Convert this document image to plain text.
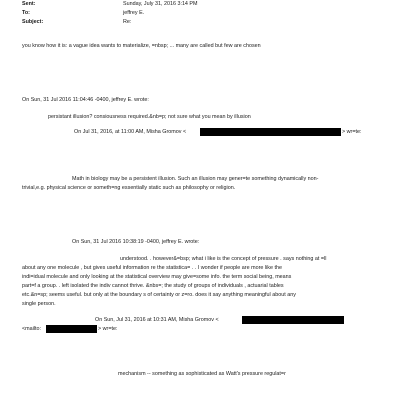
Sent:	Sunday, July 31, 2016 3:14 PM
To:	jeffrey E.
Subject:	Re:
you know how it is: a vague idea wants to materialize, =nbsp; ... many are called but few are chosen
On Sun, 31 Jul 2016 11:04:46 -0400, jeffrey E. wrote:
persistant illusion? consiousness required.&nb=p; not sure what you mean by illusion
On Jul 31, 2016, at 11:00 AM, Misha Gromov <	> wr=te:
Math in biology may be a persistent illusion. Such an illusion may gener=te something dynamically non-
trivial,e.g. physical science or someth=ng essentially static such as philosophy or religion.
On Sun, 31 Jul 2016 10:38:19 -0400, jeffrey E. wrote:
understood. . however&=bsp; what i like is the concept of pressure . says nothing at =ll
about any one molecule , but gives useful information re the statistica= . . I wonder if people are more like the
indi=idual molecule and only looking at the statistical overview may give=some info. the term social being, means
part=f a group. . left isolated the indiv cannot thrive. &nbs=; the study of groups of individuals , actuarial tables
etc.&n=sp; seems useful. but only at the boundary s of certainty or z=ro. does it say anything meaningful about any
single person.
On Sun, Jul 31, 2016 at 10:31 AM, Misha Gromov <
<mailto:	> wr=te:
mechanism -- something as sophisticated as Watt's pressure regulat=r
